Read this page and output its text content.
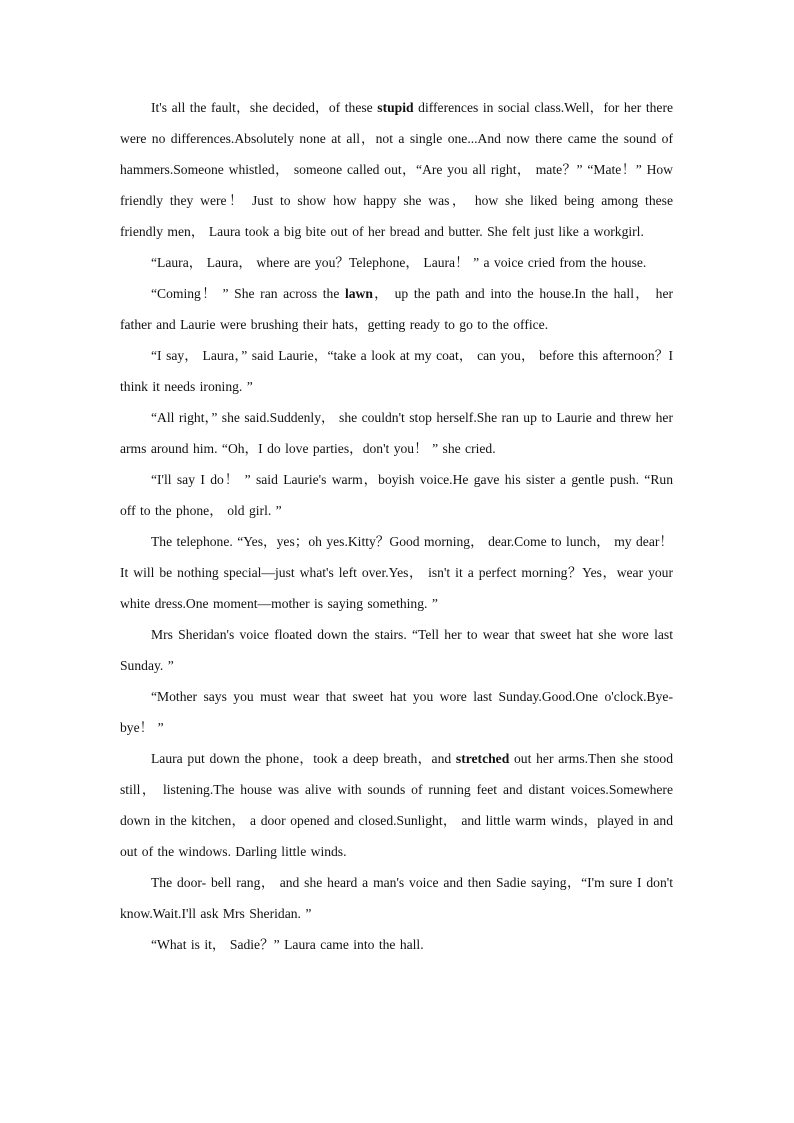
It's all the fault，she decided，of these stupid differences in social class.Well，for her there were no differences.Absolutely none at all，not a single one...And now there came the sound of hammers.Someone whistled， someone called out，“Are you all right， mate？” “Mate！” How friendly they were！ Just to show how happy she was， how she liked being among these friendly men， Laura took a big bite out of her bread and butter. She felt just like a workgirl.

“Laura， Laura， where are you？Telephone， Laura！ ” a voice cried from the house.

“Coming！ ” She ran across the lawn， up the path and into the house.In the hall， her father and Laurie were brushing their hats，getting ready to go to the office.

“I say， Laura，” said Laurie，“take a look at my coat， can you， before this afternoon？I think it needs ironing. ”

“All right，” she said.Suddenly， she couldn't stop herself.She ran up to Laurie and threw her arms around him. “Oh，I do love parties，don't you！ ” she cried.

“I'll say I do！ ” said Laurie's warm，boyish voice.He gave his sister a gentle push. “Run off to the phone， old girl. ”

The telephone. “Yes，yes；oh yes.Kitty？Good morning， dear.Come to lunch， my dear！ It will be nothing special—just what's left over.Yes， isn't it a perfect morning？Yes，wear your white dress.One moment—mother is saying something. ”

Mrs Sheridan's voice floated down the stairs. “Tell her to wear that sweet hat she wore last Sunday. ”

“Mother says you must wear that sweet hat you wore last Sunday.Good.One o'clock.Bye-bye！ ”

Laura put down the phone，took a deep breath，and stretched out her arms.Then she stood still， listening.The house was alive with sounds of running feet and distant voices.Somewhere down in the kitchen， a door opened and closed.Sunlight， and little warm winds，played in and out of the windows. Darling little winds.

The door- bell rang， and she heard a man's voice and then Sadie saying，“I'm sure I don't know.Wait.I'll ask Mrs Sheridan. ”

“What is it， Sadie？” Laura came into the hall.
